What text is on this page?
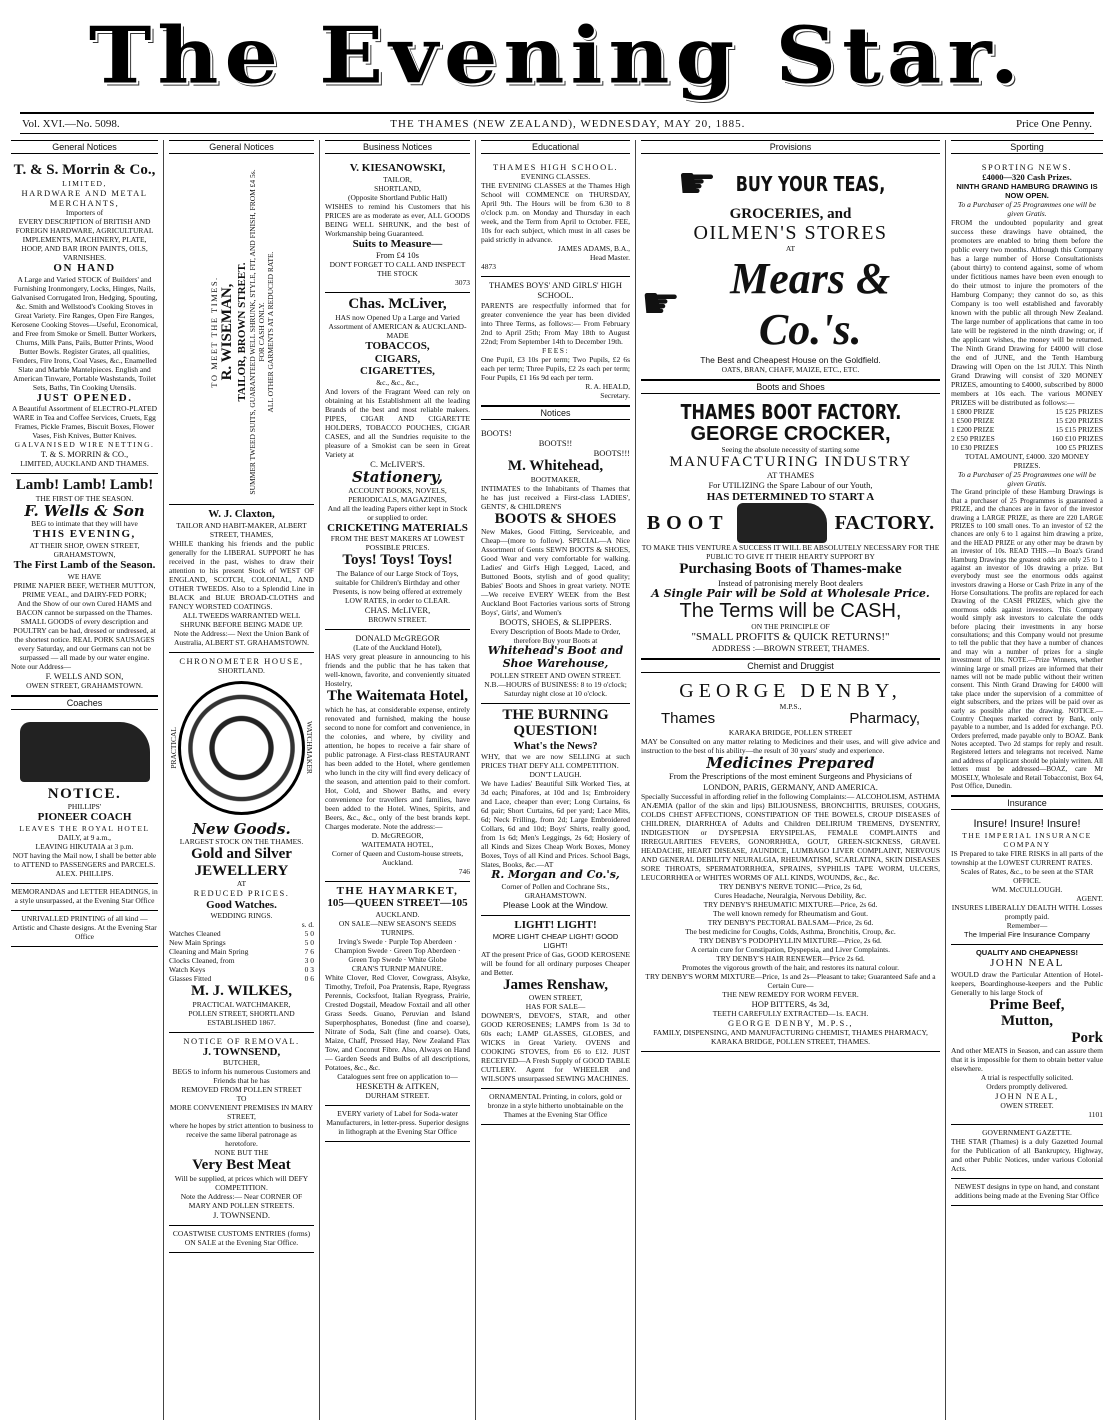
The Evening Star.
Vol. XVI.—No. 5098.	THE THAMES (NEW ZEALAND), WEDNESDAY, MAY 20, 1885.	Price One Penny.
General Notices
T. & S. Morrin & Co.,
LIMITED,
HARDWARE AND METAL
MERCHANTS,
Importers of
EVERY DESCRIPTION of BRITISH AND FOREIGN HARDWARE, AGRICULTURAL IMPLEMENTS, MACHINERY, PLATE, HOOP, AND BAR IRON PAINTS, OILS, VARNISHES.
ON HAND
A Large and Varied STOCK of Builders' and Furnishing Ironmongery, Locks, Hinges, Nails, Galvanised Corrugated Iron, Hedging, Spouting, &c. Smith and Wellstood's Cooking Stoves in Great Variety. Fire Ranges, Open Fire Ranges, Kerosene Cooking Stoves—Useful, Economical, and Free from Smoke or Smell. Butter Workers, Churns, Milk Pans, Pails, Butter Prints, Wood Butter Bowls. Register Grates, all qualities, Fenders, Fire Irons, Coal Vases, &c., Enamelled Slate and Marble Mantelpieces. English and American Tinware, Portable Washstands, Toilet Sets, Baths, Tin Cooking Utensils.
JUST OPENED.
A Beautiful Assortment of ELECTRO-PLATED WARE in Tea and Coffee Services, Cruets, Egg Frames, Pickle Frames, Biscuit Boxes, Flower Vases, Fish Knives, Butter Knives.
GALVANISED WIRE NETTING.
T. & S. MORRIN & CO.,
LIMITED, AUCKLAND AND THAMES.
Lamb! Lamb! Lamb!
THE FIRST OF THE SEASON.
F. Wells & Son
BEG to intimate that they will have
THIS EVENING,
AT THEIR SHOP, OWEN STREET, GRAHAMSTOWN,
The First Lamb of the Season.
WE HAVE
PRIME NAPIER BEEF, WETHER MUTTON, PRIME VEAL, and DAIRY-FED PORK;
And the Show of our own Cured HAMS and BACON cannot be surpassed on the Thames. SMALL GOODS of every description and POULTRY can be had, dressed or undressed, at the shortest notice. REAL PORK SAUSAGES every Saturday, and our Germans can not be surpassed — all made by our water engine.
Note our Address—
F. WELLS AND SON,
OWEN STREET, GRAHAMSTOWN.
Coaches
NOTICE.
PHILLIPS'
PIONEER COACH
LEAVES THE ROYAL HOTEL
DAILY, at 9 a.m.,
LEAVING HIKUTAIA at 3 p.m.
NOT having the Mail now, I shall be better able to ATTEND to PASSENGERS and PARCELS.
ALEX. PHILLIPS.
MEMORANDAS and LETTER HEADINGS, in a style unsurpassed, at the Evening Star Office
UNRIVALLED PRINTING of all kind —Artistic and Chaste designs. At the Evening Star Office
General Notices
TO MEET THE TIMES. R. WISEMAN, TAILOR, BROWN STREET. SUMMER TWEED SUITS, GUARANTEED WELL SHRUNK, STYLE, FIT, AND FINISH, FROM £4 5s. FOR CASH ONLY. ALL OTHER GARMENTS AT A REDUCED RATE.
W. J. Claxton,
TAILOR AND HABIT-MAKER, ALBERT STREET, THAMES,
WHILE thanking his friends and the public generally for the LIBERAL SUPPORT he has received in the past, wishes to draw their attention to his present Stock of WEST OF ENGLAND, SCOTCH, COLONIAL, AND OTHER TWEEDS. Also to a Splendid Line in BLACK and BLUE BROAD-CLOTHS and FANCY WORSTED COATINGS.
ALL TWEEDS WARRANTED WELL SHRUNK BEFORE BEING MADE UP.
Note the Address:— Next the Union Bank of Australia, ALBERT ST. GRAHAMSTOWN.
CHRONOMETER HOUSE,
SHORTLAND.
PRACTICAL	WATCHMAKER
New Goods.
LARGEST STOCK ON THE THAMES.
Gold and Silver JEWELLERY
AT
REDUCED PRICES.
Good Watches.
WEDDING RINGS.
s. d.
Watches Cleaned	5 0
New Main Springs	5 0
Cleaning and Main Spring	7 6
Clocks Cleaned, from	3 0
Watch Keys	0 3
Glasses Fitted	0 6
M. J. WILKES,
PRACTICAL WATCHMAKER,
POLLEN STREET, SHORTLAND
ESTABLISHED 1867.
NOTICE OF REMOVAL.
J. TOWNSEND,
BUTCHER,
BEGS to inform his numerous Customers and Friends that he has
REMOVED FROM POLLEN STREET
TO
MORE CONVENIENT PREMISES IN MARY STREET,
where he hopes by strict attention to business to receive the same liberal patronage as heretofore.
NONE BUT THE
Very Best Meat
Will be supplied, at prices which will DEFY COMPETITION.
Note the Address:— Near CORNER OF MARY AND POLLEN STREETS.
J. TOWNSEND.
COASTWISE CUSTOMS ENTRIES (forms) ON SALE at the Evening Star Office.
Business Notices
V. KIESANOWSKI,
TAILOR,
SHORTLAND,
(Opposite Shortland Public Hall)
WISHES to remind his Customers that his PRICES are as moderate as ever, ALL GOODS BEING WELL SHRUNK, and the best of Workmanship being Guaranteed.
Suits to Measure—
From £4 10s
DON'T FORGET TO CALL AND INSPECT THE STOCK
3073
Chas. McLiver,
HAS now Opened Up a Large and Varied Assortment of AMERICAN & AUCKLAND-MADE
TOBACCOS,
CIGARS,
CIGARETTES,
&c., &c., &c.,
And lovers of the Fragrant Weed can rely on obtaining at his Establishment all the leading Brands of the best and most reliable makers. PIPES, CIGAR AND CIGARETTE HOLDERS, TOBACCO POUCHES, CIGAR CASES, and all the Sundries requisite to the pleasure of a Smokist can be seen in Great Variety at
C. McLIVER'S.
Stationery,
ACCOUNT BOOKS, NOVELS, PERIODICALS, MAGAZINES,
And all the leading Papers either kept in Stock or supplied to order.
CRICKETING MATERIALS
FROM THE BEST MAKERS AT LOWEST POSSIBLE PRICES.
Toys! Toys! Toys!
The Balance of our Large Stock of Toys, suitable for Children's Birthday and other Presents, is now being offered at extremely LOW RATES, in order to CLEAR.
CHAS. McLIVER,
BROWN STREET.
DONALD McGREGOR
(Late of the Auckland Hotel),
HAS very great pleasure in announcing to his friends and the public that he has taken that well-known, favorite, and conveniently situated Hostelry,
The Waitemata Hotel,
which he has, at considerable expense, entirely renovated and furnished, making the house second to none for comfort and convenience, in the colonies, and where, by civility and attention, he hopes to receive a fair share of public patronage. A First-class RESTAURANT has been added to the Hotel, where gentlemen who lunch in the city will find every delicacy of the season, and attention paid to their comfort. Hot, Cold, and Shower Baths, and every convenience for travellers and families, have been added to the Hotel. Wines, Spirits, and Beers, &c., &c., only of the best brands kept. Charges moderate. Note the address:—
D. McGREGOR,
WAITEMATA HOTEL,
Corner of Queen and Custom-house streets, Auckland.
746
THE HAYMARKET,
105—QUEEN STREET—105
AUCKLAND.
ON SALE—NEW SEASON'S SEEDS
TURNIPS.
Irving's Swede · Purple Top Aberdeen · Champion Swede · Green Top Aberdeen · Green Top Swede · White Globe
CRAN'S TURNIP MANURE.
White Clover, Red Clover, Cowgrass, Alsyke, Timothy, Trefoil, Poa Pratensis, Rape, Ryegrass Perennis, Cocksfoot, Italian Ryegrass, Prairie, Crested Dogstail, Meadow Foxtail and all other Grass Seeds. Guano, Peruvian and Island Superphosphates, Bonedust (fine and coarse), Nitrate of Soda, Salt (fine and coarse). Oats, Maize, Chaff, Pressed Hay, New Zealand Flax Tow, and Coconut Fibre. Also, Always on Hand— Garden Seeds and Bulbs of all descriptions, Potatoes, &c., &c.
Catalogues sent free on application to—
HESKETH & AITKEN,
DURHAM STREET.
EVERY variety of Label for Soda-water Manufacturers, in letter-press. Superior designs in lithograph at the Evening Star Office
Educational
THAMES HIGH SCHOOL.
EVENING CLASSES.
THE EVENING CLASSES at the Thames High School will COMMENCE on THURSDAY, April 9th. The Hours will be from 6.30 to 8 o'clock p.m. on Monday and Thursday in each week, and the Term from April to October. FEE, 10s for each subject, which must in all cases be paid strictly in advance.
JAMES ADAMS, B.A.,
Head Master.
4873
THAMES BOYS' AND GIRLS' HIGH SCHOOL.
PARENTS are respectfully informed that for greater convenience the year has been divided into Three Terms, as follows:— From February 2nd to April 25th; From May 18th to August 22nd; From September 14th to December 19th.
FEES:
One Pupil, £3 10s per term; Two Pupils, £2 6s each per term; Three Pupils, £2 2s each per term; Four Pupils, £1 16s 9d each per term.
R. A. HEALD,
Secretary.
Notices
BOOTS!
BOOTS!!
BOOTS!!!
M. Whitehead,
BOOTMAKER,
INTIMATES to the Inhabitants of Thames that he has just received a First-class LADIES', GENTS', & CHILDREN'S
BOOTS & SHOES
New Makes, Good Fitting, Serviceable, and Cheap—(more to follow). SPECIAL—A Nice Assortment of Gents SEWN BOOTS & SHOES, Good Wear and very comfortable for walking. Ladies' and Girl's High Legged, Laced, and Buttoned Boots, stylish and of good quality; Babies' Boots and Shoes in great variety. NOTE—We receive EVERY WEEK from the Best Auckland Boot Factories various sorts of Strong Boys', Girls', and Women's
BOOTS, SHOES, & SLIPPERS.
Every Description of Boots Made to Order, therefore Buy your Boots at
Whitehead's Boot and Shoe Warehouse,
POLLEN STREET AND OWEN STREET.
N.B.—HOURS of BUSINESS: 8 to 19 o'clock; Saturday night close at 10 o'clock.
THE BURNING QUESTION!
What's the News?
WHY, that we are now SELLING at such PRICES THAT DEFY ALL COMPETITION.
DON'T LAUGH.
We have Ladies' Beautiful Silk Worked Ties, at 3d each; Pinafores, at 10d and 1s; Embroidery and Lace, cheaper than ever; Long Curtains, 6s 6d pair; Short Curtains, 6d per yard; Lace Mits, 6d; Neck Frilling, from 2d; Large Embroidered Collars, 6d and 10d; Boys' Shirts, really good, from 1s 6d; Men's Leggings, 2s 6d; Hosiery of all Kinds and Sizes Cheap Work Boxes, Money Boxes, Toys of all Kind and Prices. School Bags, Slates, Books, &c.—AT
R. Morgan and Co.'s,
Corner of Pollen and Cochrane Sts., GRAHAMSTOWN.
Please Look at the Window.
LIGHT! LIGHT!
MORE LIGHT CHEAP LIGHT! GOOD LIGHT!
AT the present Price of Gas, GOOD KEROSENE will be found for all ordinary purposes Cheaper and Better.
James Renshaw,
OWEN STREET,
HAS FOR SALE—
DOWNER'S, DEVOE'S, STAR, and other GOOD KEROSENES; LAMPS from 1s 3d to 60s each; LAMP GLASSES, GLOBES, and WICKS in Great Variety. OVENS and COOKING STOVES, from £6 to £12. JUST RECEIVED—A Fresh Supply of GOOD TABLE CUTLERY. Agent for WHEELER and WILSON'S unsurpassed SEWING MACHINES.
ORNAMENTAL Printing, in colors, gold or bronze in a style hitherto unobtainable on the Thames at the Evening Star Office
Provisions
☛ BUY YOUR TEAS,
GROCERIES, and
OILMEN'S STORES
AT
☛
Mears & Co.'s.
The Best and Cheapest House on the Goldfield.
OATS, BRAN, CHAFF, MAIZE, ETC., ETC.
Boots and Shoes
THAMES BOOT FACTORY.
GEORGE CROCKER,
Seeing the absolute necessity of starting some
MANUFACTURING INDUSTRY
AT THAMES
For UTILIZING the Spare Labour of our Youth,
HAS DETERMINED TO START A
BOOT	FACTORY.
TO MAKE THIS VENTURE A SUCCESS IT WILL BE ABSOLUTELY NECESSARY FOR THE PUBLIC TO GIVE IT THEIR HEARTY SUPPORT BY
Purchasing Boots of Thames-make
Instead of patronising merely Boot dealers
A Single Pair will be Sold at Wholesale Price.
The Terms will be CASH,
ON THE PRINCIPLE OF
"SMALL PROFITS & QUICK RETURNS!"
ADDRESS :—BROWN STREET, THAMES.
Chemist and Druggist
GEORGE DENBY,
M.P.S.,
Thames	Pharmacy,
KARAKA BRIDGE, POLLEN STREET
MAY be Consulted on any matter relating to Medicines and their uses, and will give advice and instruction to the best of his ability—the result of 30 years' study and experience.
Medicines Prepared
From the Prescriptions of the most eminent Surgeons and Physicians of
LONDON, PARIS, GERMANY, AND AMERICA.
Specially Successful in affording relief in the following Complaints:— ALCOHOLISM, ASTHMA ANÆMIA (pallor of the skin and lips) BILIOUSNESS, BRONCHITIS, BRUISES, COUGHS, COLDS CHEST AFFECTIONS, CONSTIPATION OF THE BOWELS, CROUP DISEASES of CHILDREN, DIARRHŒA of Adults and Children DELIRIUM TREMENS, DYSENTRY, INDIGESTION or DYSPEPSIA ERYSIPELAS, FEMALE COMPLAINTS and IRREGULARITIES FEVERS, GONORRHŒA, GOUT, GREEN-SICKNESS, GRAVEL HEADACHE, HEART DISEASE, JAUNDICE, LUMBAGO LIVER COMPLAINT, NERVOUS AND GENERAL DEBILITY NEURALGIA, RHEUMATISM, SCARLATINA, SKIN DISEASES SORE THROATS, SPERMATORRHŒA, SPRAINS, SYPHILIS TAPE WORM, ULCERS, LEUCORRHŒA or WHITES WORMS OF ALL KINDS, WOUNDS, &c., &c.
TRY DENBY'S NERVE TONIC—Price, 2s 6d,
Cures Headache, Neuralgia, Nervous Debility, &c.
TRY DENBY'S RHEUMATIC MIXTURE—Price, 2s 6d.
The well known remedy for Rheumatism and Gout.
TRY DENBY'S PECTORAL BALSAM—Price, 2s 6d.
The best medicine for Coughs, Colds, Asthma, Bronchitis, Croup, &c.
TRY DENBY'S PODOPHYLLIN MIXTURE—Price, 2s 6d.
A certain cure for Constipation, Dyspepsia, and Liver Complaints.
TRY DENBY'S HAIR RENEWER—Price 2s 6d.
Promotes the vigorous growth of the hair, and restores its natural colour.
TRY DENBY'S WORM MIXTURE—Price, 1s and 2s—Pleasant to take; Guaranteed Safe and a Certain Cure—
THE NEW REMEDY FOR WORM FEVER.
HOP BITTERS, 4s 3d,
TEETH CAREFULLY EXTRACTED—1s. EACH.
GEORGE DENBY, M.P.S.,
FAMILY, DISPENSING, AND MANUFACTURING CHEMIST, THAMES PHARMACY,
KARAKA BRIDGE, POLLEN STREET, THAMES.
Sporting
SPORTING NEWS.
£4000—320 Cash Prizes.
NINTH GRAND HAMBURG DRAWING IS NOW OPEN.
To a Purchaser of 25 Programmes one will be given Gratis.
FROM the undoubted popularity and great success these drawings have obtained, the promoters are enabled to bring them before the public every two months. Although this Company has a large number of Horse Consultationists (about thirty) to contend against, some of whom under fictitious names have been even enough to do their utmost to injure the promoters of the Hamburg Company; they cannot do so, as this Company is too well established and favorably known with the public all through New Zealand. The large number of applications that came in too late will be registered in the ninth drawing; or, if the applicant wishes, the money will be returned. The Ninth Grand Drawing for £4000 will close the end of JUNE, and the Tenth Hamburg Drawing will Open on the 1st JULY. This Ninth Grand Drawing will consist of 320 MONEY PRIZES, amounting to £4000, subscribed by 8000 members at 10s each. The various MONEY PRIZES will be distributed as follows:—
1 £800 PRIZE	15 £25 PRIZES
1 £500 PRIZE	15 £20 PRIZES
1 £200 PRIZE	15 £15 PRIZES
2 £50 PRIZES	160 £10 PRIZES
10 £30 PRIZES	100 £5 PRIZES
TOTAL AMOUNT, £4000. 320 MONEY PRIZES.
To a Purchaser of 25 Programmes one will be given Gratis.
The Grand principle of these Hamburg Drawings is that a purchaser of 25 Programmes is guaranteed a PRIZE, and the chances are in favor of the investor drawing a LARGE PRIZE, as there are 220 LARGE PRIZES to 100 small ones. To an investor of £2 the chances are only 6 to 1 against him drawing a prize, and the HEAD PRIZE or any other may be drawn by an investor of 10s. READ THIS.—In Boaz's Grand Hamburg Drawings the greatest odds are only 25 to 1 against an investor of 10s drawing a prize. But everybody must see the enormous odds against investors drawing a Horse or Cash Prize in any of the Horse Consultations. The profits are replaced for each Drawing of the CASH PRIZES, which give the enormous odds against investors. This Company would simply ask investors to calculate the odds before placing their investments in any horse consultations; and this Company would not presume to tell the public that they have a number of chances and may win a number of prizes for a single investment of 10s. NOTE.—Prize Winners, whether winning large or small prizes are informed that their names will not be made public without their written consent. This Ninth Grand Drawing for £4000 will take place under the supervision of a committee of eight subscribers, and the prizes will be paid over as early as possible after the drawing. NOTICE.—Country Cheques marked correct by Bank, only payable to a number, and 1s added for exchange. P.O. Orders preferred, made payable only to BOAZ. Bank Notes accepted. Two 2d stamps for reply and result. Registered letters and telegrams not received. Name and address of applicant should be plainly written. All letters must be addressed—BOAZ, care Mr MOSELY, Wholesale and Retail Tobacconist, Box 64, Post Office, Dunedin.
Insurance
Insure! Insure! Insure!
THE IMPERIAL INSURANCE COMPANY
IS Prepared to take FIRE RISKS in all parts of the township at the LOWEST CURRENT RATES.
Scales of Rates, &c., to be seen at the STAR OFFICE.
WM. McCULLOUGH.
AGENT.
INSURES LIBERALLY DEALTH WITH. Losses promptly paid.
Remember—
The Imperial Fire Insurance Company
QUALITY AND CHEAPNESS!
JOHN NEAL
WOULD draw the Particular Attention of Hotel-keepers, Boardinghouse-keepers and the Public Generally to his large Stock of
Prime Beef,
Mutton,
Pork
And other MEATS in Season, and can assure them that it is impossible for them to obtain better value elsewhere.
A trial is respectfully solicited.
Orders promptly delivered.
JOHN NEAL,
OWEN STREET.
1101
GOVERNMENT GAZETTE.
THE STAR (Thames) is a duly Gazetted Journal for the Publication of all Bankruptcy, Highway, and other Public Notices, under various Colonial Acts.
NEWEST designs in type on hand, and constant additions being made at the Evening Star Office
